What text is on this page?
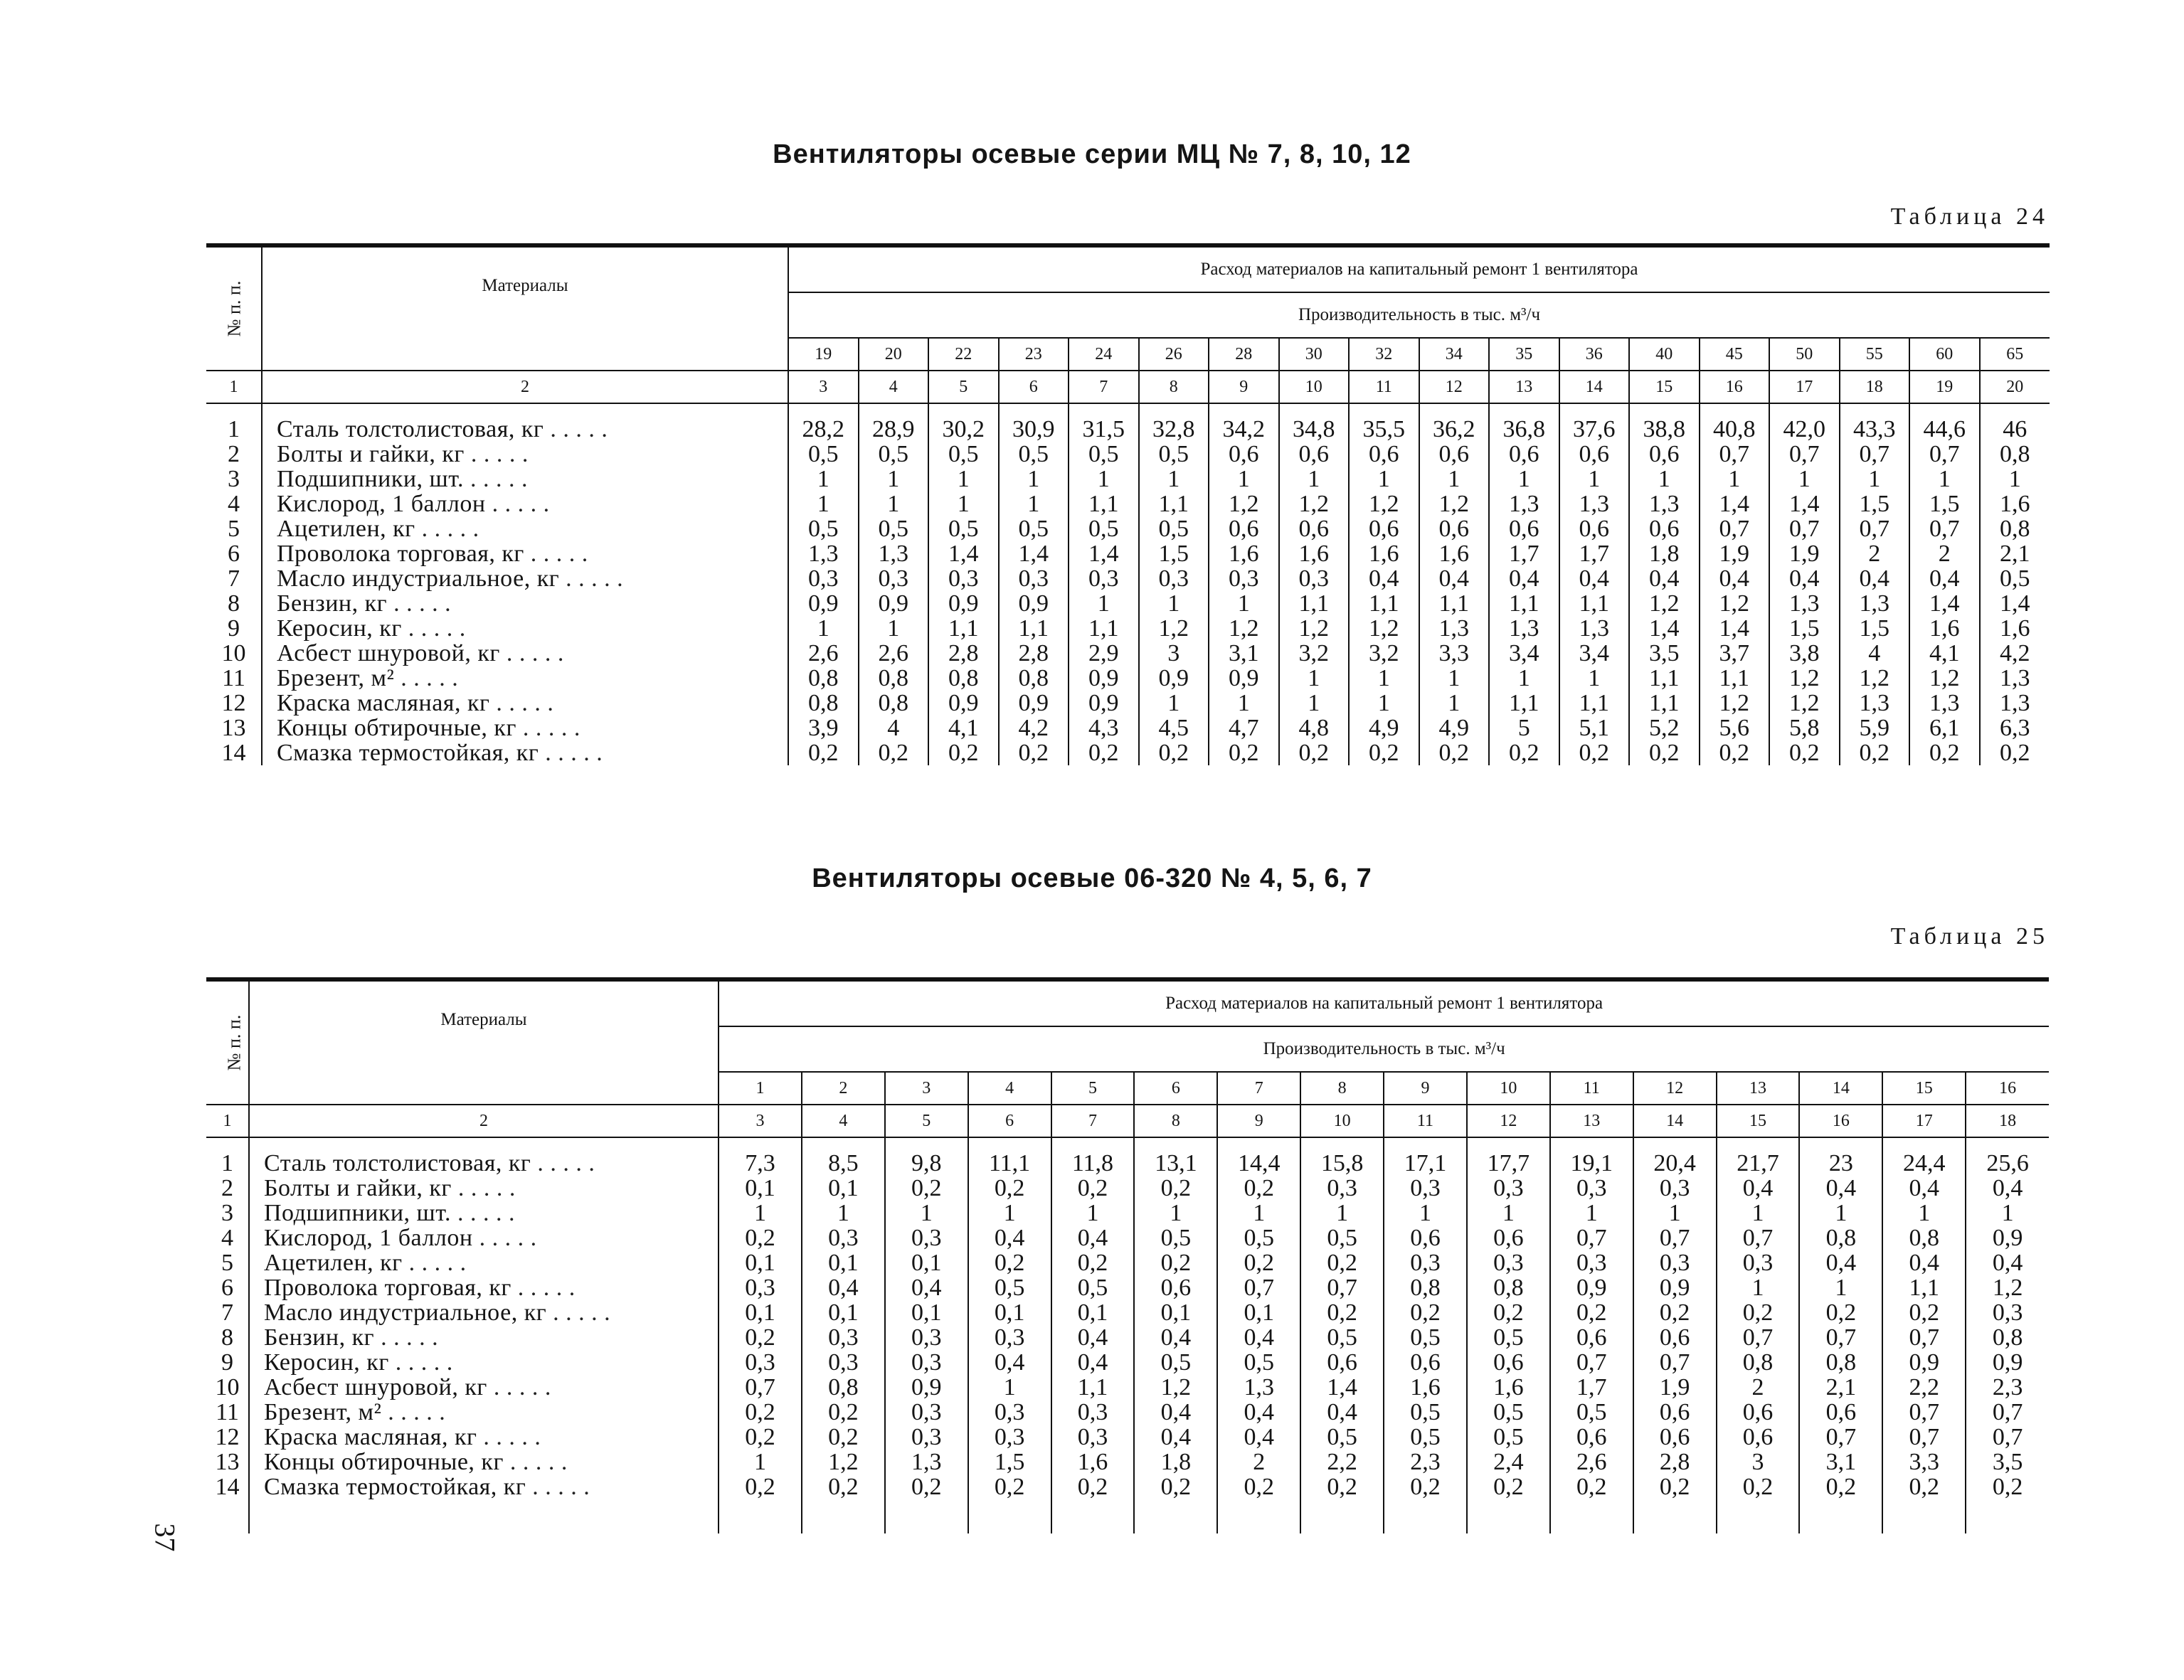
Вентиляторы осевые серии МЦ № 7, 8, 10, 12
Таблица 24
№ п. п.	Материалы	Расход материалов на капитальный ремонт 1 вентилятора																	
		Производительность в тыс. м³/ч																	
		19	20	22	23	24	26	28	30	32	34	35	36	40	45	50	55	60	65
1	2	3	4	5	6	7	8	9	10	11	12	13	14	15	16	17	18	19	20

1	Сталь толстолистовая, кг . . . . .	28,2	28,9	30,2	30,9	31,5	32,8	34,2	34,8	35,5	36,2	36,8	37,6	38,8	40,8	42,0	43,3	44,6	46
2	Болты и гайки, кг . . . . .	0,5	0,5	0,5	0,5	0,5	0,5	0,6	0,6	0,6	0,6	0,6	0,6	0,6	0,7	0,7	0,7	0,7	0,8
3	Подшипники, шт. . . . . .	1	1	1	1	1	1	1	1	1	1	1	1	1	1	1	1	1	1
4	Кислород, 1 баллон . . . . .	1	1	1	1	1,1	1,1	1,2	1,2	1,2	1,2	1,3	1,3	1,3	1,4	1,4	1,5	1,5	1,6
5	Ацетилен, кг . . . . .	0,5	0,5	0,5	0,5	0,5	0,5	0,6	0,6	0,6	0,6	0,6	0,6	0,6	0,7	0,7	0,7	0,7	0,8
6	Проволока торговая, кг . . . . .	1,3	1,3	1,4	1,4	1,4	1,5	1,6	1,6	1,6	1,6	1,7	1,7	1,8	1,9	1,9	2	2	2,1
7	Масло индустриальное, кг . . . . .	0,3	0,3	0,3	0,3	0,3	0,3	0,3	0,3	0,4	0,4	0,4	0,4	0,4	0,4	0,4	0,4	0,4	0,5
8	Бензин, кг . . . . .	0,9	0,9	0,9	0,9	1	1	1	1,1	1,1	1,1	1,1	1,1	1,2	1,2	1,3	1,3	1,4	1,4
9	Керосин, кг . . . . .	1	1	1,1	1,1	1,1	1,2	1,2	1,2	1,2	1,3	1,3	1,3	1,4	1,4	1,5	1,5	1,6	1,6
10	Асбест шнуровой, кг . . . . .	2,6	2,6	2,8	2,8	2,9	3	3,1	3,2	3,2	3,3	3,4	3,4	3,5	3,7	3,8	4	4,1	4,2
11	Брезент, м² . . . . .	0,8	0,8	0,8	0,8	0,9	0,9	0,9	1	1	1	1	1	1,1	1,1	1,2	1,2	1,2	1,3
12	Краска масляная, кг . . . . .	0,8	0,8	0,9	0,9	0,9	1	1	1	1	1	1,1	1,1	1,1	1,2	1,2	1,3	1,3	1,3
13	Концы обтирочные, кг . . . . .	3,9	4	4,1	4,2	4,3	4,5	4,7	4,8	4,9	4,9	5	5,1	5,2	5,6	5,8	5,9	6,1	6,3
14	Смазка термостойкая, кг . . . . .	0,2	0,2	0,2	0,2	0,2	0,2	0,2	0,2	0,2	0,2	0,2	0,2	0,2	0,2	0,2	0,2	0,2	0,2
Вентиляторы осевые 06-320 № 4, 5, 6, 7
Таблица 25
№ п. п.	Материалы	Расход материалов на капитальный ремонт 1 вентилятора															
		Производительность в тыс. м³/ч															
		1	2	3	4	5	6	7	8	9	10	11	12	13	14	15	16
1	2	3	4	5	6	7	8	9	10	11	12	13	14	15	16	17	18

1	Сталь толстолистовая, кг . . . . .	7,3	8,5	9,8	11,1	11,8	13,1	14,4	15,8	17,1	17,7	19,1	20,4	21,7	23	24,4	25,6
2	Болты и гайки, кг . . . . .	0,1	0,1	0,2	0,2	0,2	0,2	0,2	0,3	0,3	0,3	0,3	0,3	0,4	0,4	0,4	0,4
3	Подшипники, шт. . . . . .	1	1	1	1	1	1	1	1	1	1	1	1	1	1	1	1
4	Кислород, 1 баллон . . . . .	0,2	0,3	0,3	0,4	0,4	0,5	0,5	0,5	0,6	0,6	0,7	0,7	0,7	0,8	0,8	0,9
5	Ацетилен, кг . . . . .	0,1	0,1	0,1	0,2	0,2	0,2	0,2	0,2	0,3	0,3	0,3	0,3	0,3	0,4	0,4	0,4
6	Проволока торговая, кг . . . . .	0,3	0,4	0,4	0,5	0,5	0,6	0,7	0,7	0,8	0,8	0,9	0,9	1	1	1,1	1,2
7	Масло индустриальное, кг . . . . .	0,1	0,1	0,1	0,1	0,1	0,1	0,1	0,2	0,2	0,2	0,2	0,2	0,2	0,2	0,2	0,3
8	Бензин, кг . . . . .	0,2	0,3	0,3	0,3	0,4	0,4	0,4	0,5	0,5	0,5	0,6	0,6	0,7	0,7	0,7	0,8
9	Керосин, кг . . . . .	0,3	0,3	0,3	0,4	0,4	0,5	0,5	0,6	0,6	0,6	0,7	0,7	0,8	0,8	0,9	0,9
10	Асбест шнуровой, кг . . . . .	0,7	0,8	0,9	1	1,1	1,2	1,3	1,4	1,6	1,6	1,7	1,9	2	2,1	2,2	2,3
11	Брезент, м² . . . . .	0,2	0,2	0,3	0,3	0,3	0,4	0,4	0,4	0,5	0,5	0,5	0,6	0,6	0,6	0,7	0,7
12	Краска масляная, кг . . . . .	0,2	0,2	0,3	0,3	0,3	0,4	0,4	0,5	0,5	0,5	0,6	0,6	0,6	0,7	0,7	0,7
13	Концы обтирочные, кг . . . . .	1	1,2	1,3	1,5	1,6	1,8	2	2,2	2,3	2,4	2,6	2,8	3	3,1	3,3	3,5
14	Смазка термостойкая, кг . . . . .	0,2	0,2	0,2	0,2	0,2	0,2	0,2	0,2	0,2	0,2	0,2	0,2	0,2	0,2	0,2	0,2

37
